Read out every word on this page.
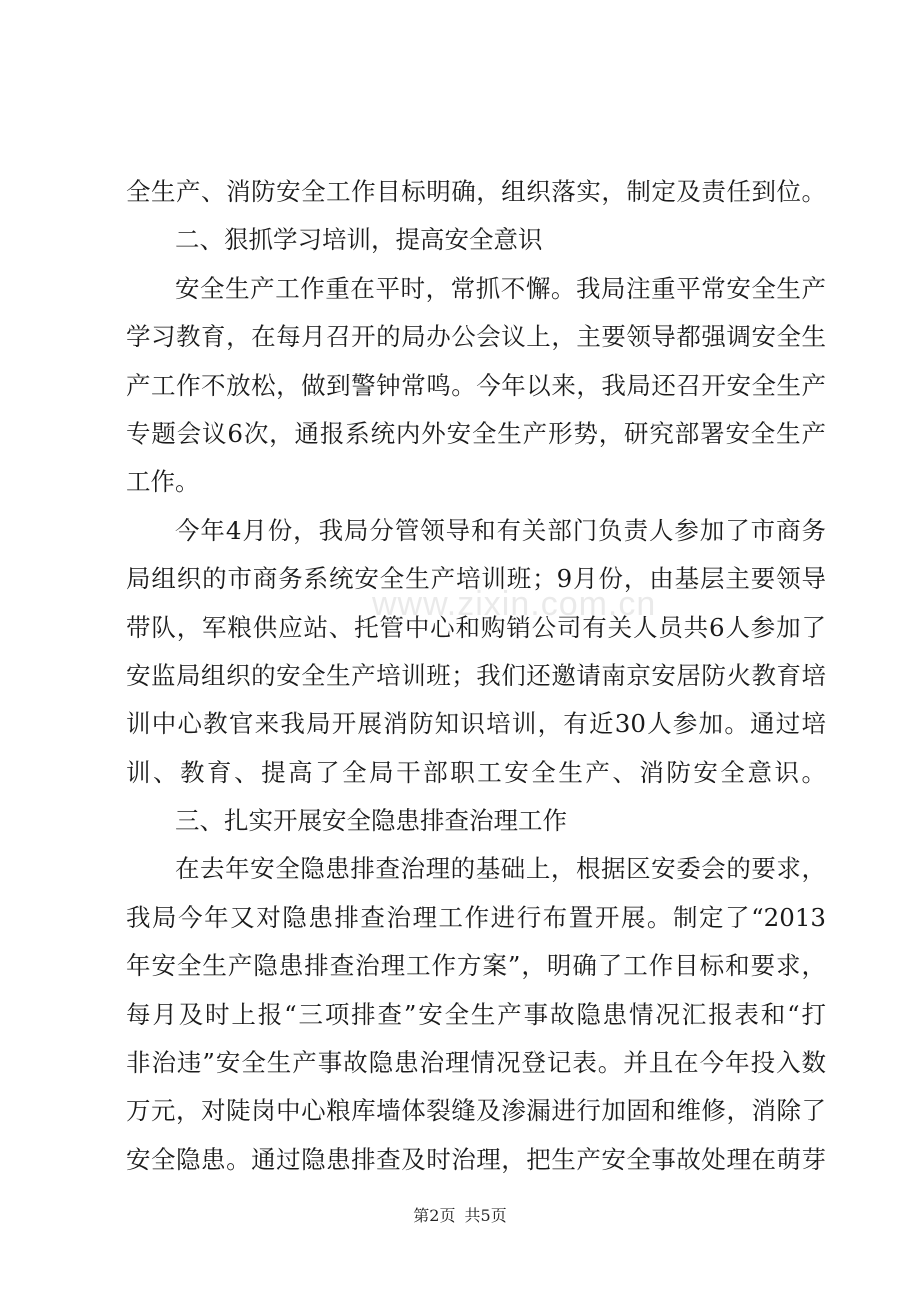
全生产、消防安全工作目标明确，组织落实，制定及责任到位。
二、狠抓学习培训，提高安全意识
安全生产工作重在平时，常抓不懈。我局注重平常安全生产
学习教育，在每月召开的局办公会议上，主要领导都强调安全生
产工作不放松，做到警钟常鸣。今年以来，我局还召开安全生产
专题会议6次，通报系统内外安全生产形势，研究部署安全生产
工作。
今年4月份，我局分管领导和有关部门负责人参加了市商务
局组织的市商务系统安全生产培训班；9月份，由基层主要领导
带队，军粮供应站、托管中心和购销公司有关人员共6人参加了
安监局组织的安全生产培训班；我们还邀请南京安居防火教育培
训中心教官来我局开展消防知识培训，有近30人参加。通过培
训、教育、提高了全局干部职工安全生产、消防安全意识。
三、扎实开展安全隐患排查治理工作
在去年安全隐患排查治理的基础上，根据区安委会的要求，
我局今年又对隐患排查治理工作进行布置开展。制定了“2013
年安全生产隐患排查治理工作方案”，明确了工作目标和要求，
每月及时上报“三项排查”安全生产事故隐患情况汇报表和“打
非治违”安全生产事故隐患治理情况登记表。并且在今年投入数
万元，对陡岗中心粮库墙体裂缝及渗漏进行加固和维修，消除了
安全隐患。通过隐患排查及时治理，把生产安全事故处理在萌芽
www.zixin.com.cn
第2页 共5页
